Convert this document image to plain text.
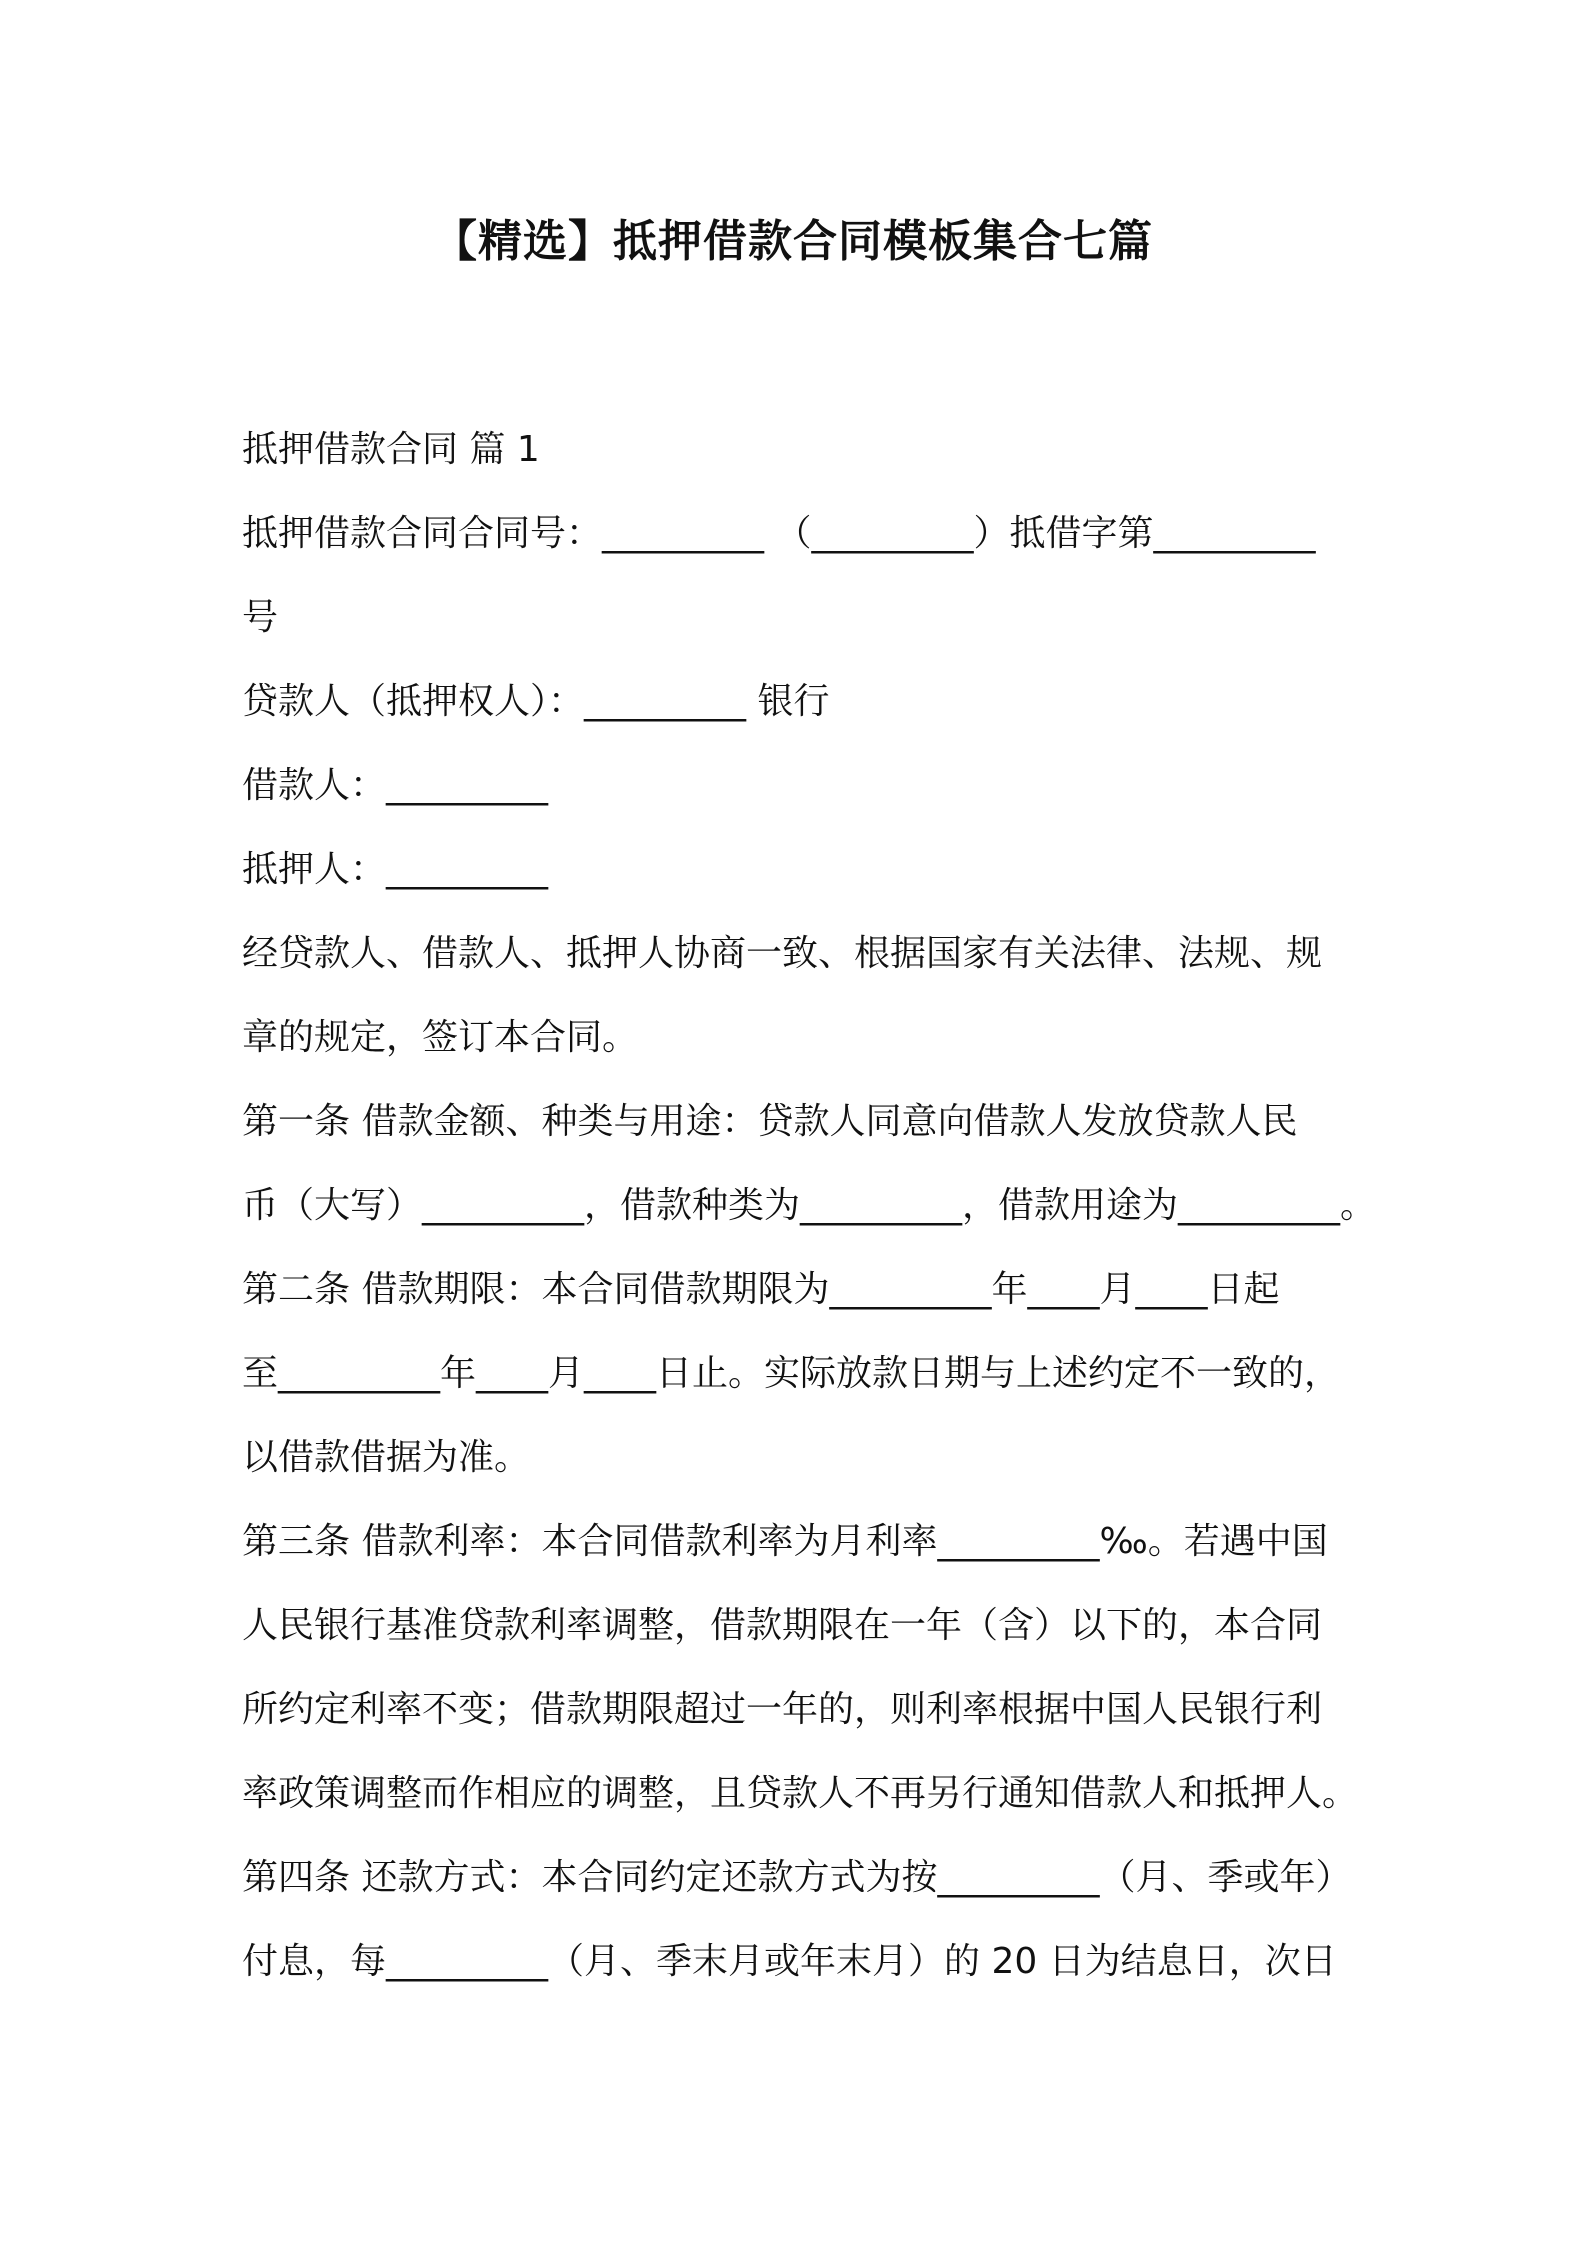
【精选】抵押借款合同模板集合七篇
抵押借款合同 篇 1
抵押借款合同合同号：_________ （_________）抵借字第_________
号
贷款人（抵押权人）：_________ 银行
借款人：_________
抵押人：_________
经贷款人、借款人、抵押人协商一致、根据国家有关法律、法规、规
章的规定，签订本合同。
第一条 借款金额、种类与用途：贷款人同意向借款人发放贷款人民
币（大写）_________，借款种类为_________，借款用途为_________。
第二条 借款期限：本合同借款期限为_________年____月____日起
至_________年____月____日止。实际放款日期与上述约定不一致的，
以借款借据为准。
第三条 借款利率：本合同借款利率为月利率_________‰。若遇中国
人民银行基准贷款利率调整，借款期限在一年（含）以下的，本合同
所约定利率不变；借款期限超过一年的，则利率根据中国人民银行利
率政策调整而作相应的调整，且贷款人不再另行通知借款人和抵押人。
第四条 还款方式：本合同约定还款方式为按_________（月、季或年）
付息，每_________（月、季末月或年末月）的 20 日为结息日，次日
